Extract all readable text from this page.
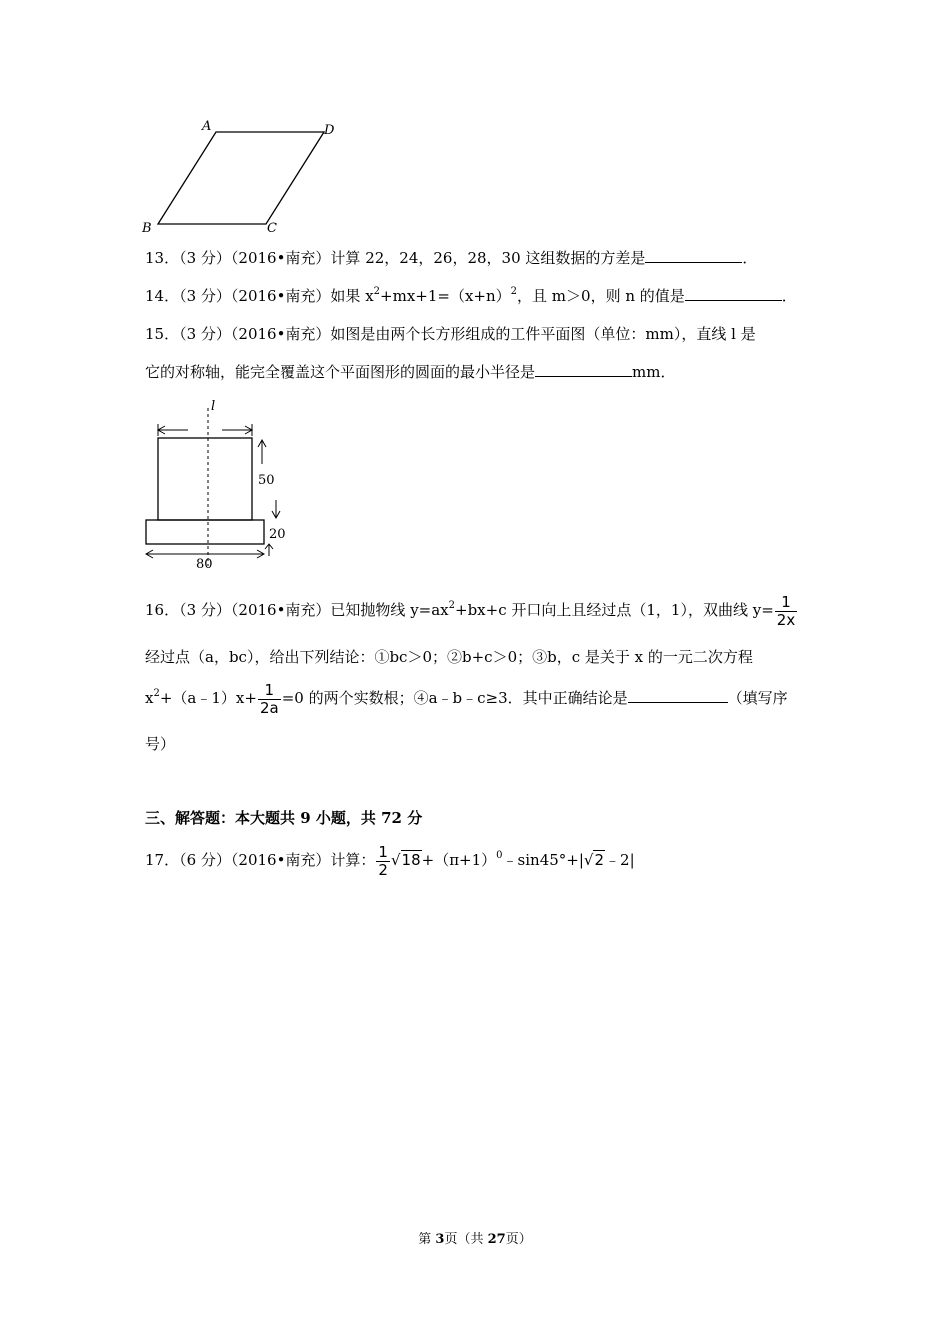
A	D
B	C
13．（3 分）（2016•南充）计算 22，24，26，28，30 这组数据的方差是	．
14．（3 分）（2016•南充）如果 $x^2+mx+1=(x+n)^2$，且 m＞0，则 n 的值是	．
15．（3 分）（2016•南充）如图是由两个长方形组成的工件平面图（单位：mm），直线 l 是
它的对称轴，能完全覆盖这个平面图形的圆面的最小半径是	mm．
l
50
20
80
16．（3 分）（2016•南充）已知抛物线 $y=ax^2+bx+c$ 开口向上且经过点（1，1），双曲线 $y= \frac{1}{2x}$
经过点（a，bc），给出下列结论：①bc＞0；②b+c＞0；③b，c 是关于 x 的一元二次方程
$x^2+(a﹣1)x+ \frac{1}{2a} =0$ 的两个实数根；④a﹣b﹣c≥3．其中正确结论是	（填写序
号）
三、解答题：本大题共 9 小题，共 72 分
17．（6 分）（2016•南充）计算： $\frac{1}{2}$ $√18+(\pi+1)^0﹣\sin 45^\circ+|√2﹣2|$
第 3页（共 27页）
